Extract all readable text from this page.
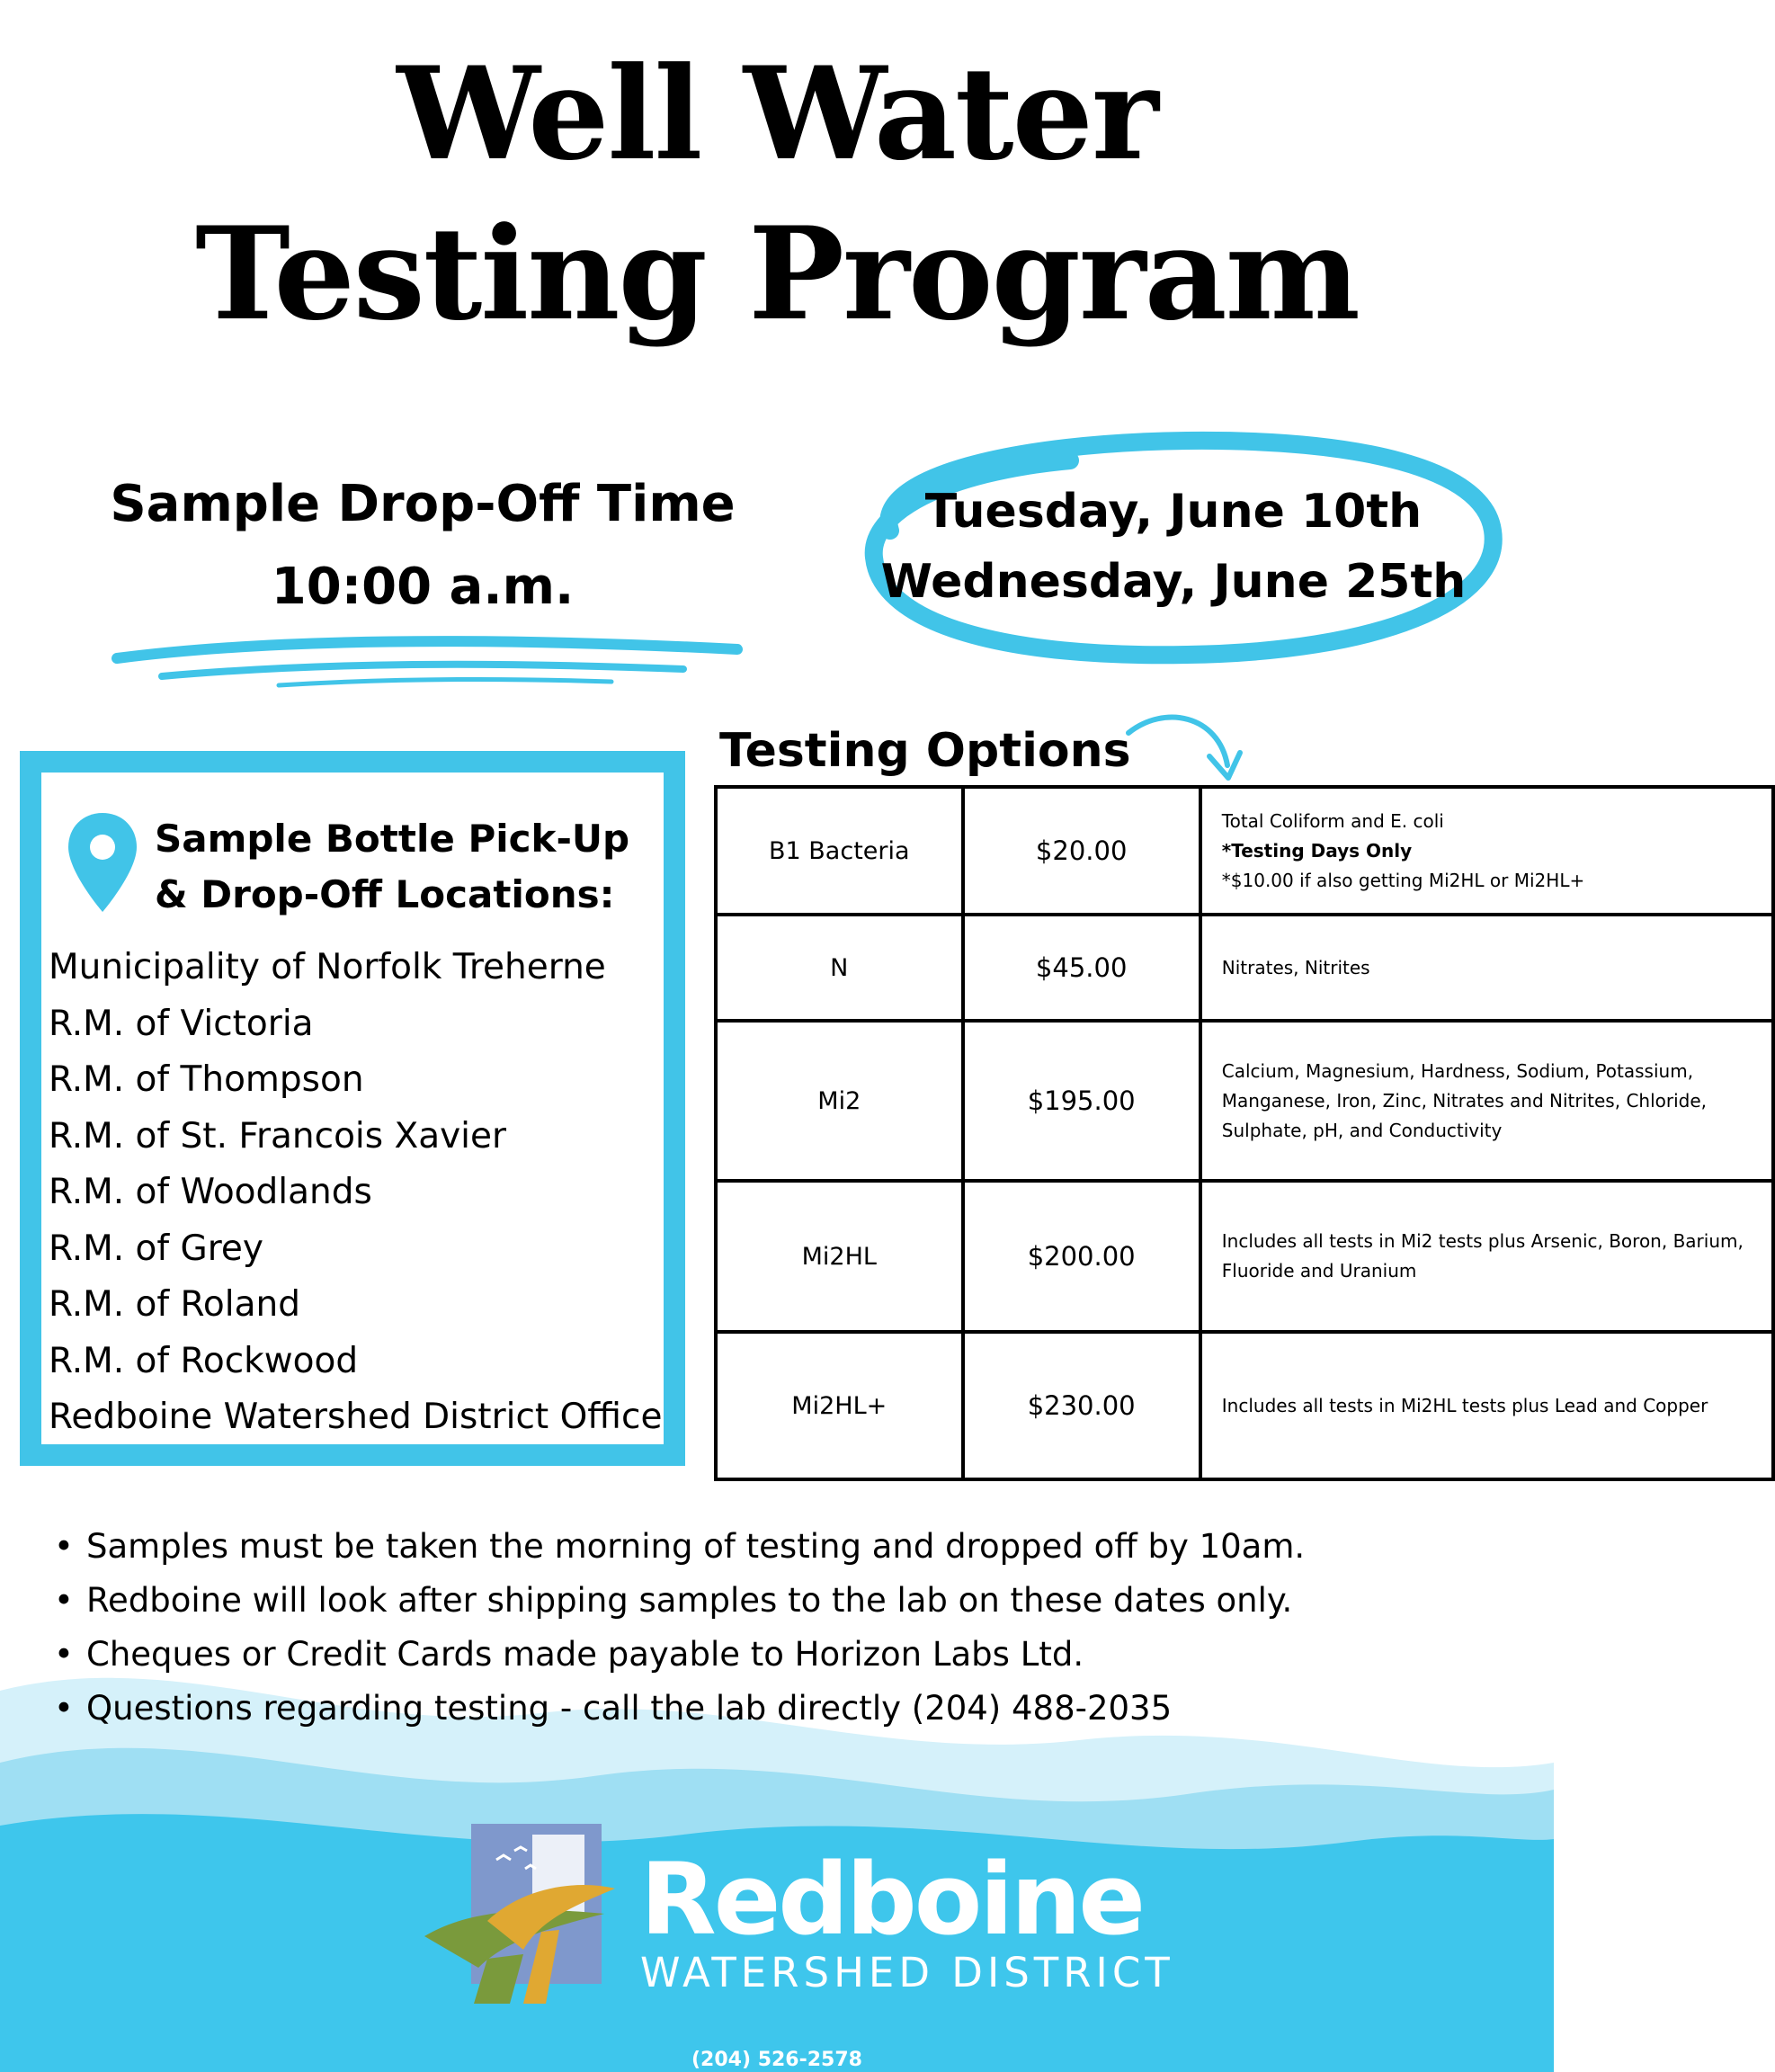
Well Water
Testing Program
Sample Drop-Off Time
10:00 a.m.
Tuesday, June 10th
Wednesday, June 25th
Testing Options
Sample Bottle Pick-Up
& Drop-Off Locations:
Municipality of Norfolk Treherne
R.M. of Victoria
R.M. of Thompson
R.M. of St. Francois Xavier
R.M. of Woodlands
R.M. of Grey
R.M. of Roland
R.M. of Rockwood
Redboine Watershed District Office
B1 Bacteria	$20.00	Total Coliform and E. coli
*Testing Days Only
*$10.00 if also getting Mi2HL or Mi2HL+

N	$45.00	Nitrates, Nitrites
Mi2	$195.00	Calcium, Magnesium, Hardness, Sodium, Potassium, Manganese, Iron, Zinc, Nitrates and Nitrites, Chloride, Sulphate, pH, and Conductivity
Mi2HL	$200.00	Includes all tests in Mi2 tests plus Arsenic, Boron, Barium, Fluoride and Uranium
Mi2HL+	$230.00	Includes all tests in Mi2HL tests plus Lead and Copper
• Samples must be taken the morning of testing and dropped off by 10am.
• Redboine will look after shipping samples to the lab on these dates only.
• Cheques or Credit Cards made payable to Horizon Labs Ltd.
• Questions regarding testing - call the lab directly (204) 488-2035
Redboine
WATERSHED DISTRICT
(204) 526-2578
